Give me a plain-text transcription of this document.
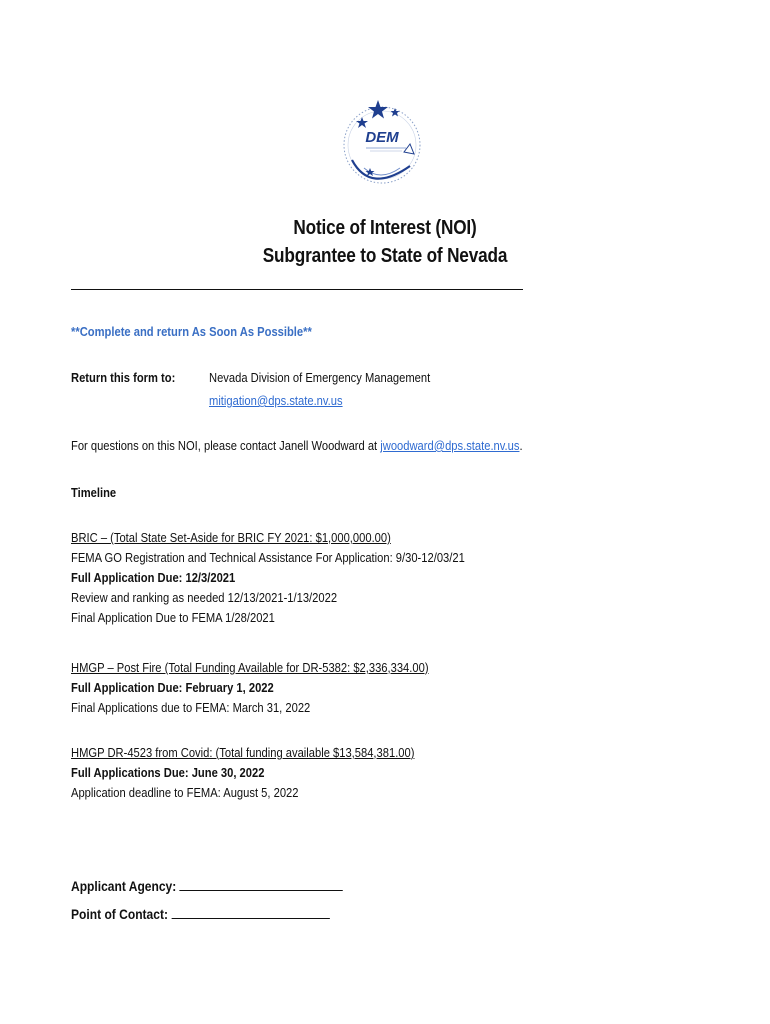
DEM
Notice of Interest (NOI)
Subgrantee to State of Nevada
**Complete and return As Soon As Possible**
Return this form to:	Nevada Division of Emergency Management
mitigation@dps.state.nv.us
For questions on this NOI, please contact Janell Woodward at jwoodward@dps.state.nv.us.
Timeline
BRIC – (Total State Set-Aside for BRIC FY 2021: $1,000,000.00)
FEMA GO Registration and Technical Assistance For Application: 9/30-12/03/21
Full Application Due: 12/3/2021
Review and ranking as needed 12/13/2021-1/13/2022
Final Application Due to FEMA 1/28/2021
HMGP – Post Fire (Total Funding Available for DR-5382: $2,336,334.00)
Full Application Due: February 1, 2022
Final Applications due to FEMA: March 31, 2022
HMGP DR-4523 from Covid: (Total funding available $13,584,381.00)
Full Applications Due: June 30, 2022
Application deadline to FEMA: August 5, 2022
Applicant Agency:
Point of Contact:
